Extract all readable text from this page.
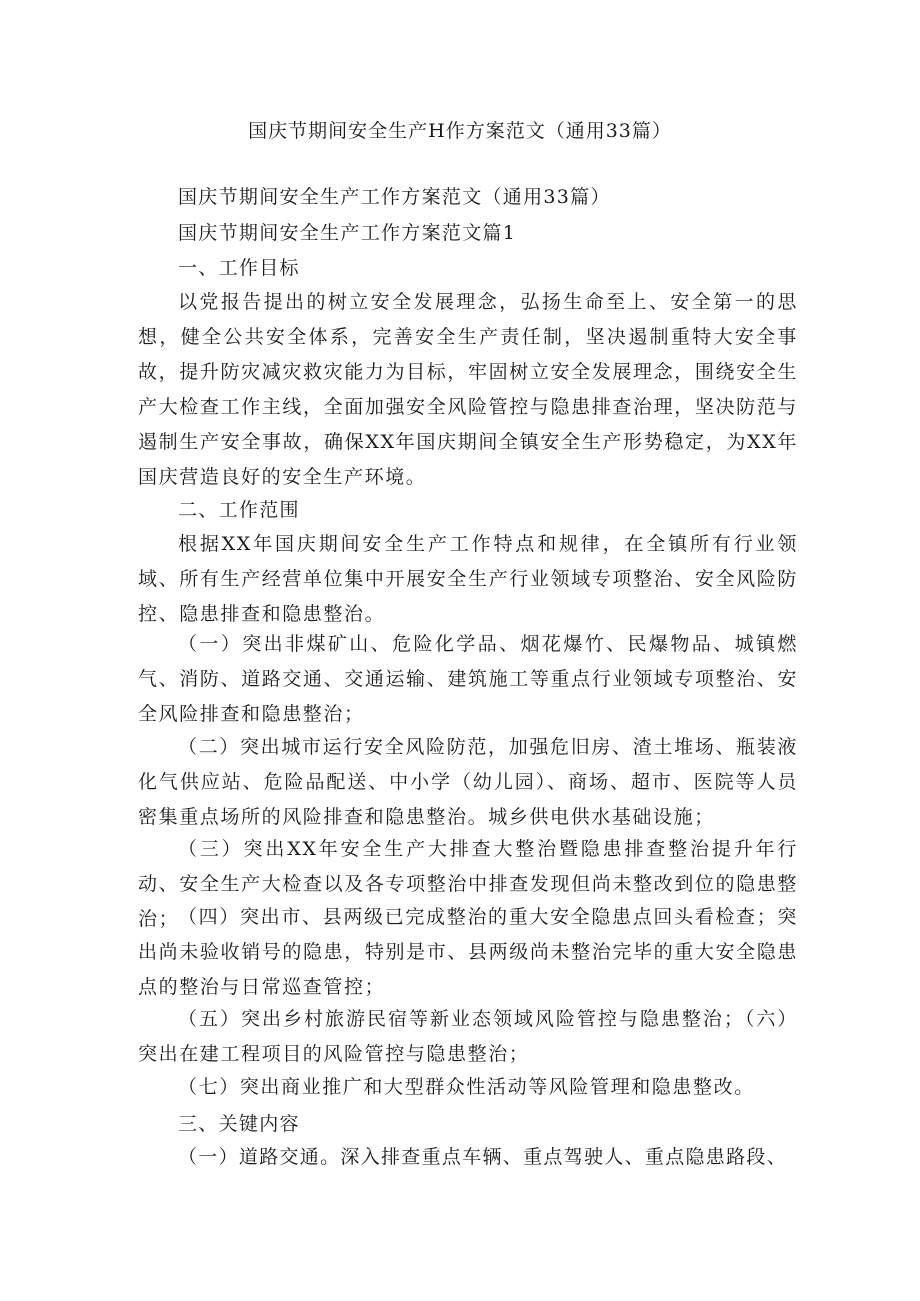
国庆节期间安全生产H作方案范文（通用33篇）
国庆节期间安全生产工作方案范文（通用33篇）
国庆节期间安全生产工作方案范文篇1
一、工作目标

以党报告提出的树立安全发展理念，弘扬生命至上、安全第一的思想，健全公共安全体系，完善安全生产责任制，坚决遏制重特大安全事故，提升防灾减灾救灾能力为目标，牢固树立安全发展理念，围绕安全生产大检查工作主线，全面加强安全风险管控与隐患排查治理，坚决防范与遏制生产安全事故，确保XX年国庆期间全镇安全生产形势稳定，为XX年国庆营造良好的安全生产环境。

二、工作范围

根据XX年国庆期间安全生产工作特点和规律，在全镇所有行业领域、所有生产经营单位集中开展安全生产行业领域专项整治、安全风险防控、隐患排查和隐患整治。

（一）突出非煤矿山、危险化学品、烟花爆竹、民爆物品、城镇燃气、消防、道路交通、交通运输、建筑施工等重点行业领域专项整治、安全风险排查和隐患整治；

（二）突出城市运行安全风险防范，加强危旧房、渣土堆场、瓶装液化气供应站、危险品配送、中小学（幼儿园）、商场、超市、医院等人员密集重点场所的风险排查和隐患整治。城乡供电供水基础设施；

（三）突出XX年安全生产大排查大整治暨隐患排查整治提升年行动、安全生产大检查以及各专项整治中排查发现但尚未整改到位的隐患整治；

（四）突出市、县两级已完成整治的重大安全隐患点回头看检查；突出尚未验收销号的隐患，特别是市、县两级尚未整治完毕的重大安全隐患点的整治与日常巡查管控；

（五）突出乡村旅游民宿等新业态领域风险管控与隐患整治；（六）突出在建工程项目的风险管控与隐患整治；

（七）突出商业推广和大型群众性活动等风险管理和隐患整改。

三、关键内容
（一）道路交通。深入排查重点车辆、重点驾驶人、重点隐患路段、
